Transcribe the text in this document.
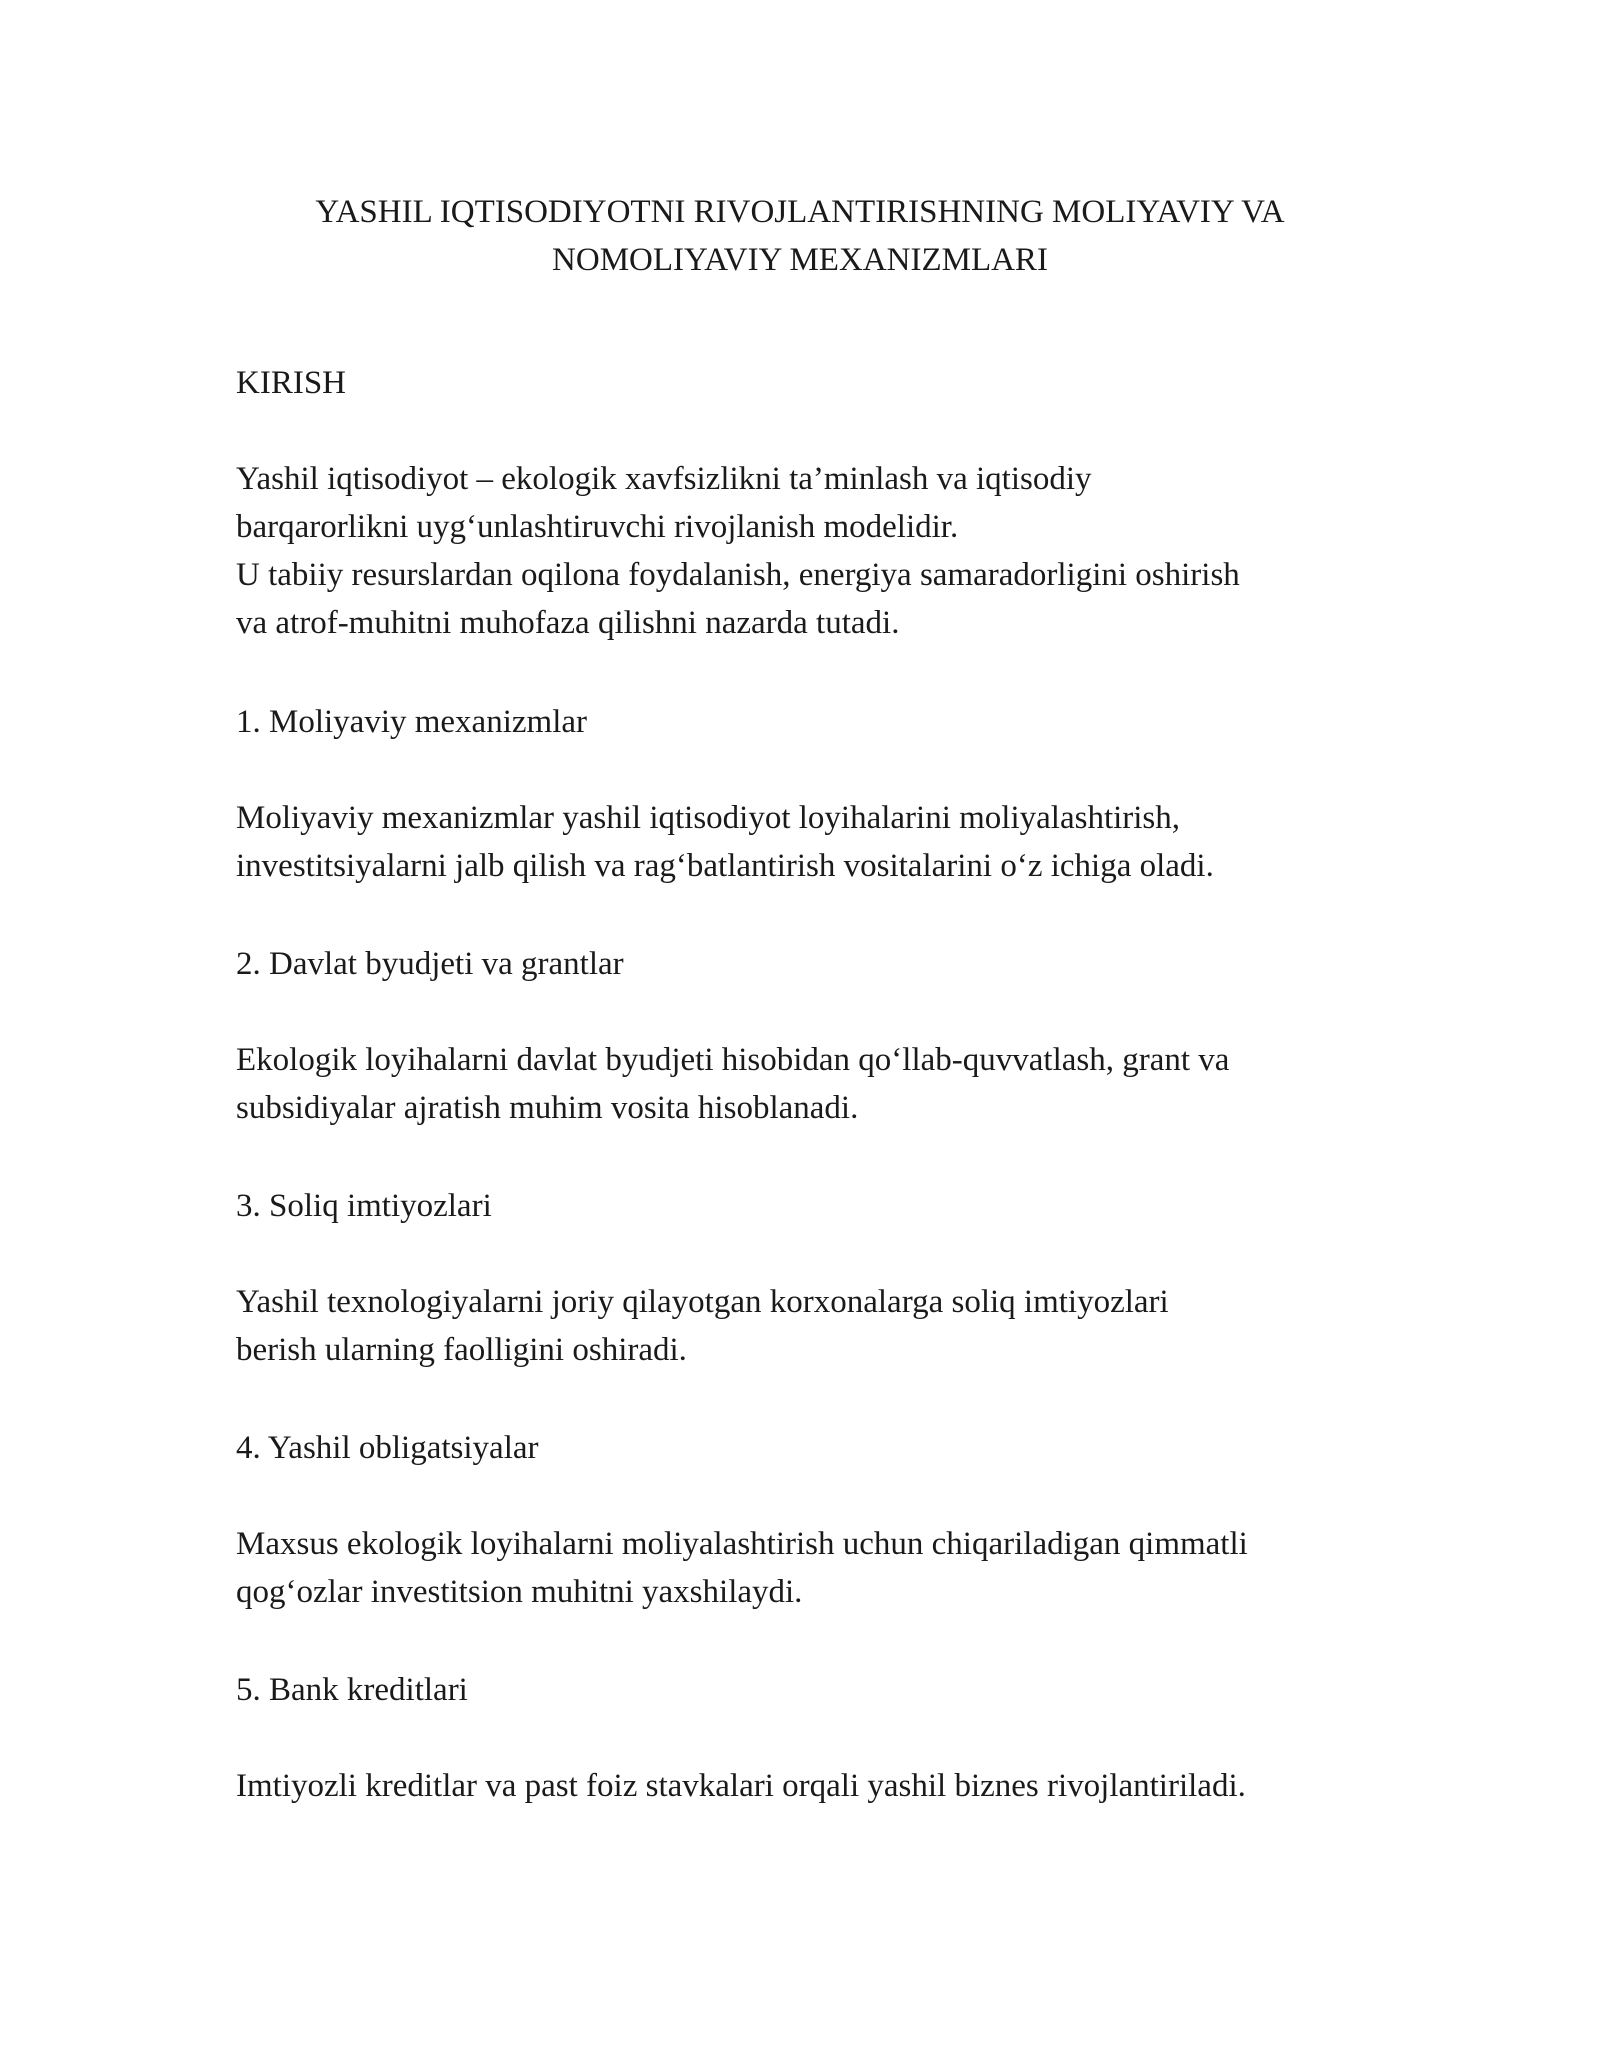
YASHIL IQTISODIYOTNI RIVOJLANTIRISHNING MOLIYAVIY VA
NOMOLIYAVIY MEXANIZMLARI

KIRISH

Yashil iqtisodiyot – ekologik xavfsizlikni ta’minlash va iqtisodiy
barqarorlikni uyg‘unlashtiruvchi rivojlanish modelidir.
U tabiiy resurslardan oqilona foydalanish, energiya samaradorligini oshirish
va atrof-muhitni muhofaza qilishni nazarda tutadi.

1. Moliyaviy mexanizmlar

Moliyaviy mexanizmlar yashil iqtisodiyot loyihalarini moliyalashtirish,
investitsiyalarni jalb qilish va rag‘batlantirish vositalarini o‘z ichiga oladi.

2. Davlat byudjeti va grantlar

Ekologik loyihalarni davlat byudjeti hisobidan qo‘llab-quvvatlash, grant va
subsidiyalar ajratish muhim vosita hisoblanadi.

3. Soliq imtiyozlari

Yashil texnologiyalarni joriy qilayotgan korxonalarga soliq imtiyozlari
berish ularning faolligini oshiradi.

4. Yashil obligatsiyalar

Maxsus ekologik loyihalarni moliyalashtirish uchun chiqariladigan qimmatli
qog‘ozlar investitsion muhitni yaxshilaydi.

5. Bank kreditlari

Imtiyozli kreditlar va past foiz stavkalari orqali yashil biznes rivojlantiriladi.
